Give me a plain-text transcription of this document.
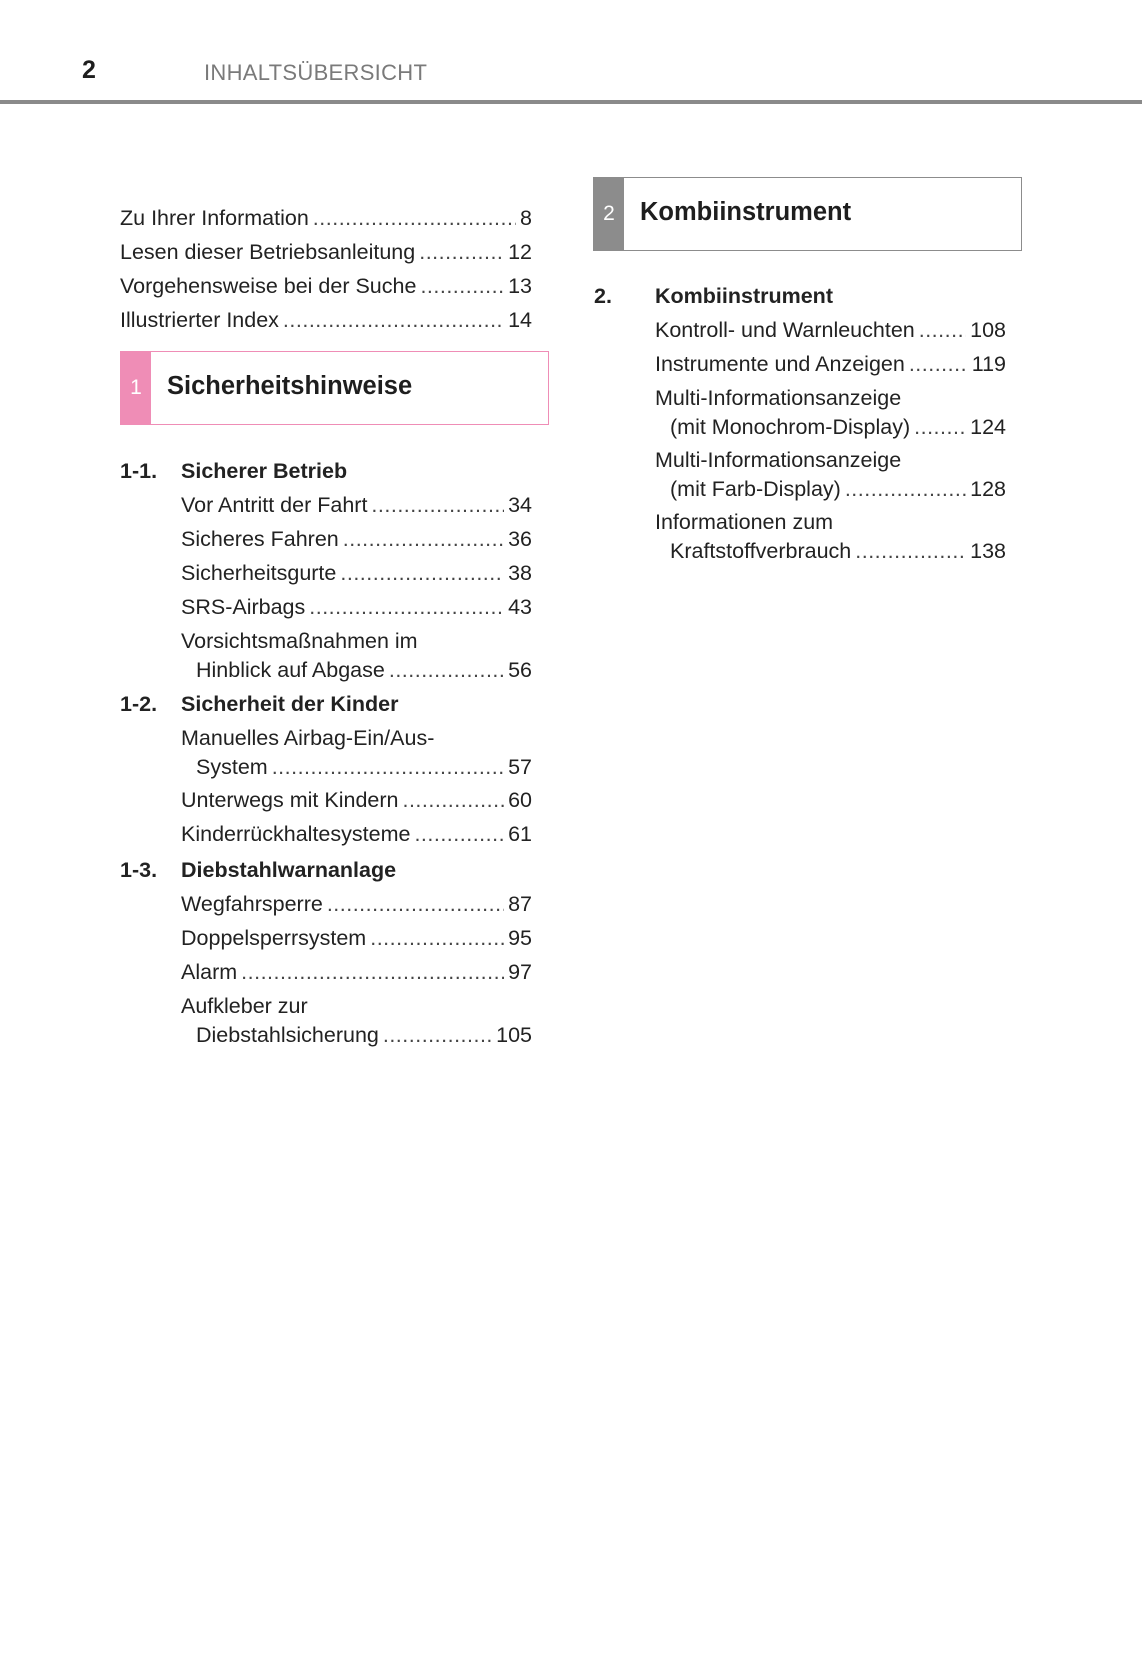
2	INHALTSÜBERSICHT
Zu Ihrer Information .....	8
Lesen dieser Betriebsanleitung .....	12
Vorgehensweise bei der Suche .....	13
Illustrierter Index .....	14
1 Sicherheitshinweise
1-1. Sicherer Betrieb
Vor Antritt der Fahrt .....	34
Sicheres Fahren .....	36
Sicherheitsgurte .....	38
SRS-Airbags .....	43
Vorsichtsmaßnahmen im
Hinblick auf Abgase .....	56
1-2. Sicherheit der Kinder
Manuelles Airbag-Ein/Aus-
System .....	57
Unterwegs mit Kindern .....	60
Kinderrückhaltesysteme .....	61
1-3. Diebstahlwarnanlage
Wegfahrsperre .....	87
Doppelsperrsystem .....	95
Alarm .....	97
Aufkleber zur
Diebstahlsicherung .....	105
2 Kombiinstrument
2. Kombiinstrument
Kontroll- und Warnleuchten .....	108
Instrumente und Anzeigen .....	119
Multi-Informationsanzeige
(mit Monochrom-Display) .....	124
Multi-Informationsanzeige
(mit Farb-Display) .....	128
Informationen zum
Kraftstoffverbrauch .....	138
